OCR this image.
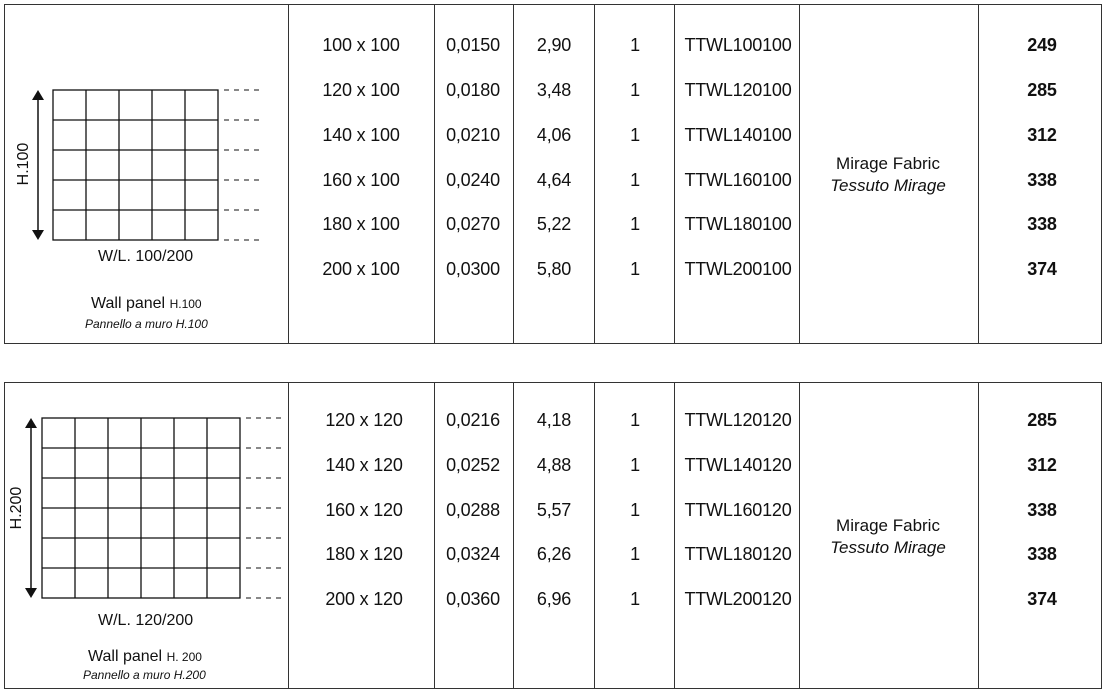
H.100
W/L. 100/200
Wall panel H.100
Pannello a muro H.100
Mirage Fabric
Tessuto Mirage
100 x 100	0,0150 2,90	1 TTWL100100	249
120 x 100	0,0180 3,48	1 TTWL120100	285
140 x 100	0,0210 4,06	1 TTWL140100	312
160 x 100	0,0240 4,64	1 TTWL160100	338
180 x 100	0,0270 5,22	1 TTWL180100	338
200 x 100	0,0300 5,80	1 TTWL200100	374
H.200
W/L. 120/200
Wall panel H. 200
Pannello a muro H.200
Mirage Fabric
Tessuto Mirage
120 x 120 0,0216 4,18	1 TTWL120120	285
140 x 120 0,0252 4,88	1 TTWL140120	312
160 x 120 0,0288 5,57	1 TTWL160120	338
180 x 120 0,0324 6,26	1 TTWL180120	338
200 x 120 0,0360 6,96	1 TTWL200120	374
